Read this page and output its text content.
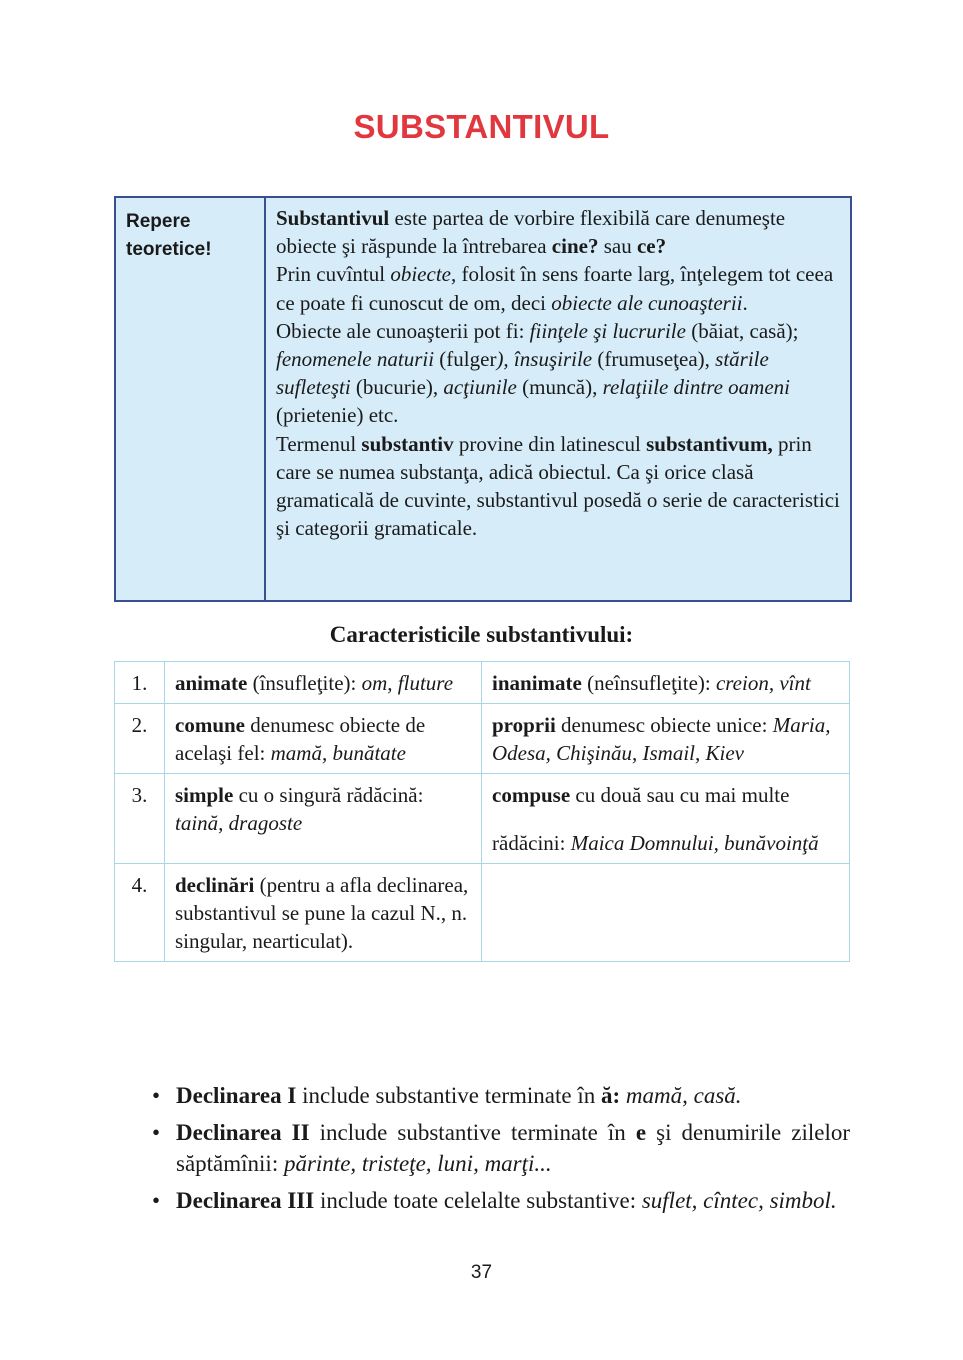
SUBSTANTIVUL
Repere
teoretice!

Substantivul este partea de vorbire flexibilă care denumeşte obiecte şi răspunde la întrebarea cine? sau ce?

Prin cuvîntul obiecte, folosit în sens foarte larg, înţelegem tot ceea ce poate fi cunoscut de om, deci obiecte ale cunoaşterii.

Obiecte ale cunoaşterii pot fi: fiinţele şi lucrurile (băiat, casă); fenomenele naturii (fulger), însuşirile (frumuseţea), stările sufleteşti (bucurie), acţiunile (muncă), relaţiile dintre oameni (prietenie) etc.

Termenul substantiv provine din latinescul substantivum, prin care se numea substanţa, adică obiectul. Ca şi orice clasă gramaticală de cuvinte, substantivul posedă o serie de caracteristici şi categorii gramaticale.

Caracteristicile substantivului:
1.	animate (însufleţite): om, fluture	inanimate (neînsufleţite): creion, vînt
2.	comune denumesc obiecte de acelaşi fel: mamă, bunătate	proprii denumesc obiecte unice: Maria, Odesa, Chişinău, Ismail, Kiev
3.	simple cu o singură rădăcină: taină, dragoste	compuse cu două sau cu mai multe
rădăcini: Maica Domnului, bunăvoinţă

4.	declinări (pentru a afla declinarea, substantivul se pune la cazul N., n. singular, nearticulat).	
• Declinarea I include substantive terminate în ă: mamă, casă.
• Declinarea II include substantive terminate în e şi denumirile zilelor săptămînii: părinte, tristeţe, luni, marţi...
• Declinarea III include toate celelalte substantive: suflet, cîntec, simbol.
37
